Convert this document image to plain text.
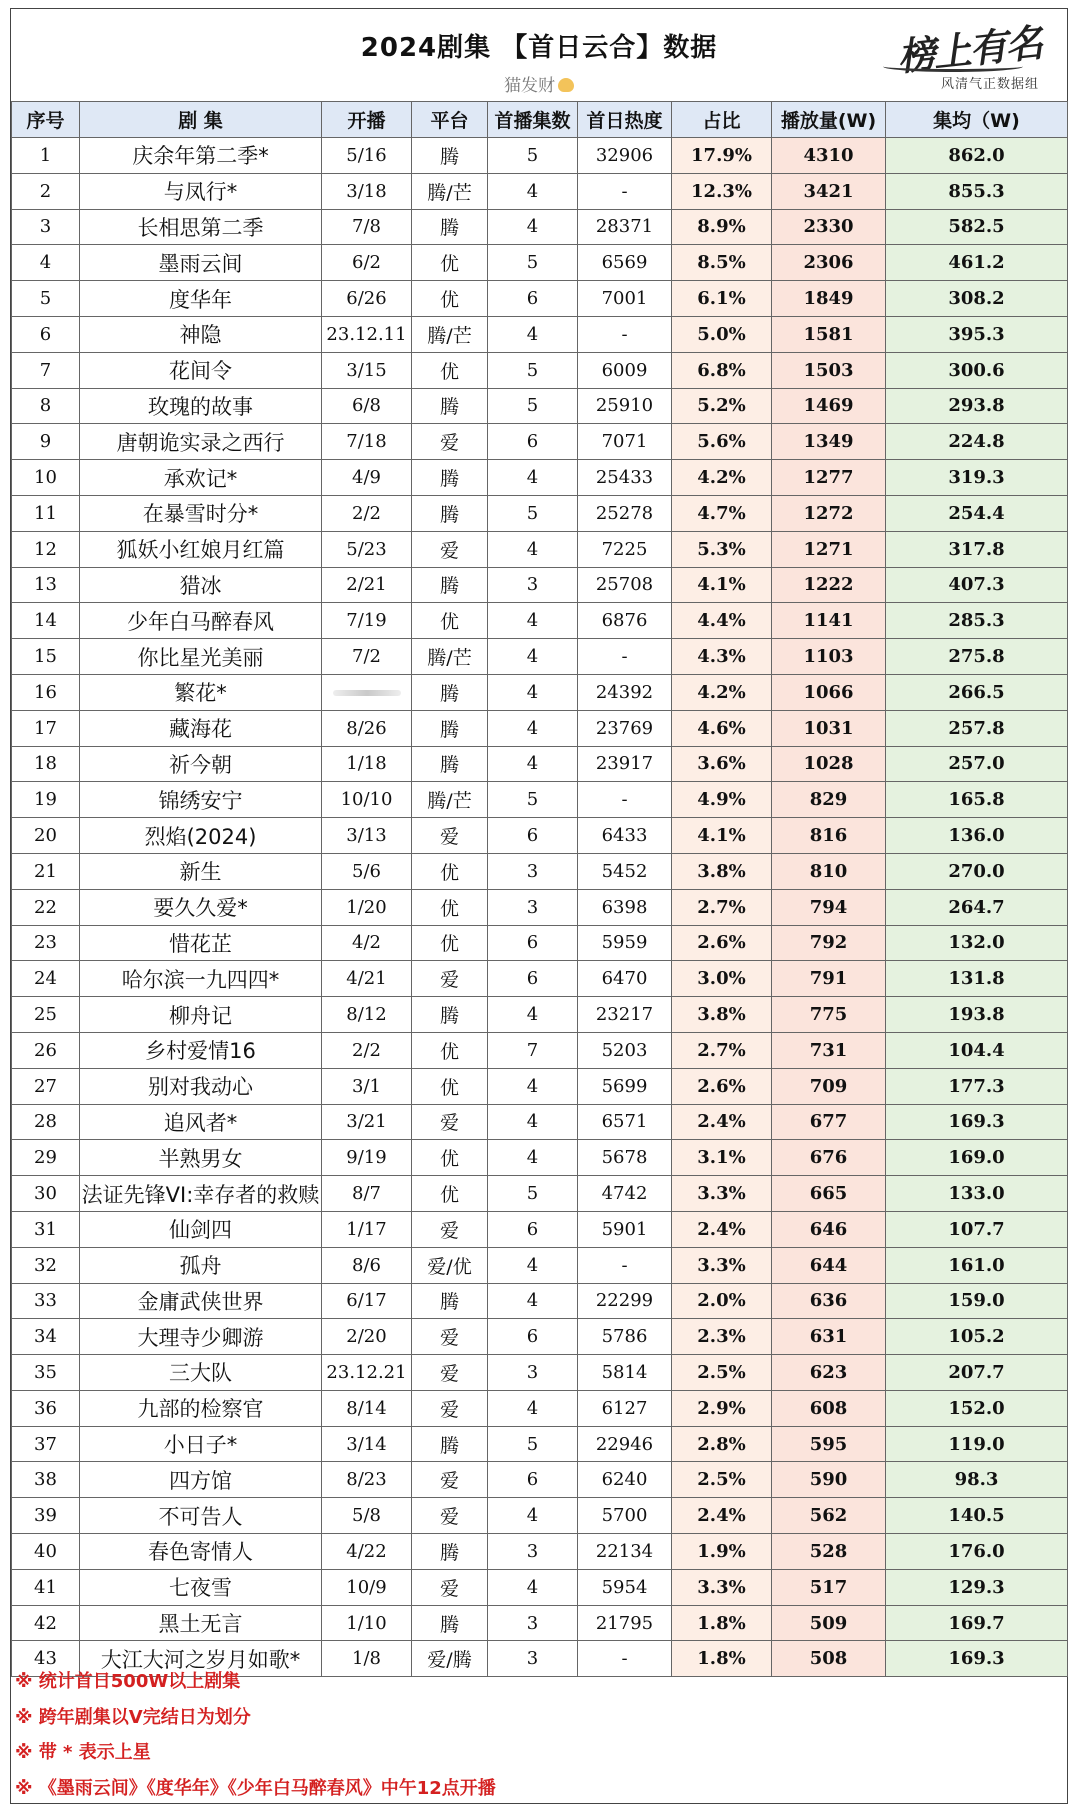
2024剧集 【首日云合】数据
猫发财
榜上有名
风清气正数据组
序号	剧 集	开播	平台	首播集数	首日热度	占比	播放量(W)	集均（W)
1	庆余年第二季*	5/16	腾	5	32906	17.9%	4310	862.0
2	与凤行*	3/18	腾/芒	4	-	12.3%	3421	855.3
3	长相思第二季	7/8	腾	4	28371	8.9%	2330	582.5
4	墨雨云间	6/2	优	5	6569	8.5%	2306	461.2
5	度华年	6/26	优	6	7001	6.1%	1849	308.2
6	神隐	23.12.11	腾/芒	4	-	5.0%	1581	395.3
7	花间令	3/15	优	5	6009	6.8%	1503	300.6
8	玫瑰的故事	6/8	腾	5	25910	5.2%	1469	293.8
9	唐朝诡实录之西行	7/18	爱	6	7071	5.6%	1349	224.8
10	承欢记*	4/9	腾	4	25433	4.2%	1277	319.3
11	在暴雪时分*	2/2	腾	5	25278	4.7%	1272	254.4
12	狐妖小红娘月红篇	5/23	爱	4	7225	5.3%	1271	317.8
13	猎冰	2/21	腾	3	25708	4.1%	1222	407.3
14	少年白马醉春风	7/19	优	4	6876	4.4%	1141	285.3
15	你比星光美丽	7/2	腾/芒	4	-	4.3%	1103	275.8
16	繁花*		腾	4	24392	4.2%	1066	266.5
17	藏海花	8/26	腾	4	23769	4.6%	1031	257.8
18	祈今朝	1/18	腾	4	23917	3.6%	1028	257.0
19	锦绣安宁	10/10	腾/芒	5	-	4.9%	829	165.8
20	烈焰(2024)	3/13	爱	6	6433	4.1%	816	136.0
21	新生	5/6	优	3	5452	3.8%	810	270.0
22	要久久爱*	1/20	优	3	6398	2.7%	794	264.7
23	惜花芷	4/2	优	6	5959	2.6%	792	132.0
24	哈尔滨一九四四*	4/21	爱	6	6470	3.0%	791	131.8
25	柳舟记	8/12	腾	4	23217	3.8%	775	193.8
26	乡村爱情16	2/2	优	7	5203	2.7%	731	104.4
27	别对我动心	3/1	优	4	5699	2.6%	709	177.3
28	追风者*	3/21	爱	4	6571	2.4%	677	169.3
29	半熟男女	9/19	优	4	5678	3.1%	676	169.0
30	法证先锋VI:幸存者的救赎	8/7	优	5	4742	3.3%	665	133.0
31	仙剑四	1/17	爱	6	5901	2.4%	646	107.7
32	孤舟	8/6	爱/优	4	-	3.3%	644	161.0
33	金庸武侠世界	6/17	腾	4	22299	2.0%	636	159.0
34	大理寺少卿游	2/20	爱	6	5786	2.3%	631	105.2
35	三大队	23.12.21	爱	3	5814	2.5%	623	207.7
36	九部的检察官	8/14	爱	4	6127	2.9%	608	152.0
37	小日子*	3/14	腾	5	22946	2.8%	595	119.0
38	四方馆	8/23	爱	6	6240	2.5%	590	98.3
39	不可告人	5/8	爱	4	5700	2.4%	562	140.5
40	春色寄情人	4/22	腾	3	22134	1.9%	528	176.0
41	七夜雪	10/9	爱	4	5954	3.3%	517	129.3
42	黑土无言	1/10	腾	3	21795	1.8%	509	169.7
43	大江大河之岁月如歌*	1/8	爱/腾	3	-	1.8%	508	169.3
※ 统计首日500W以上剧集
※ 跨年剧集以V完结日为划分
※ 带 * 表示上星
※ 《墨雨云间》《度华年》《少年白马醉春风》中午12点开播
